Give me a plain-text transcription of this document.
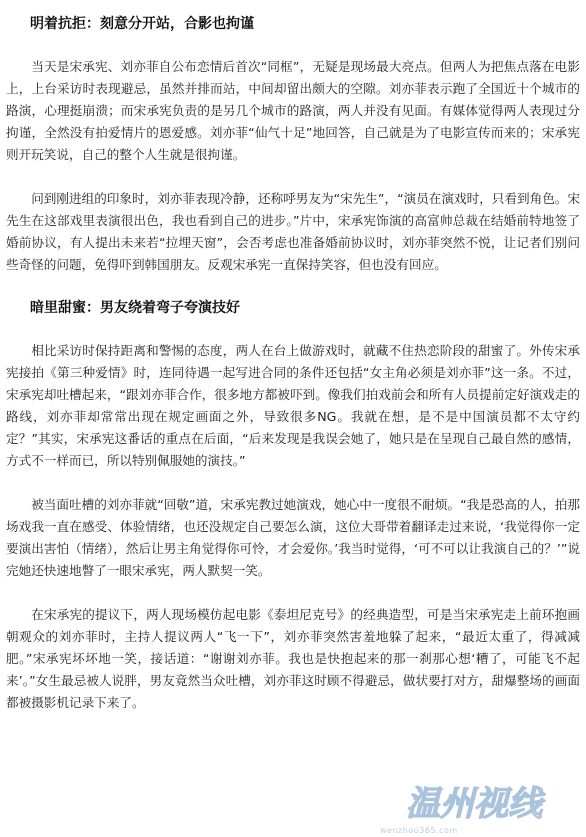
明着抗拒：刻意分开站，合影也拘谨

当天是宋承宪、刘亦菲自公布恋情后首次“同框”，无疑是现场最大亮点。但两人为把焦点落在电影上，上台采访时表现避忌，虽然并排而站，中间却留出颇大的空隙。刘亦菲表示跑了全国近十个城市的路演，心理挺崩溃；而宋承宪负责的是另几个城市的路演，两人并没有见面。有媒体觉得两人表现过分拘谨，全然没有拍爱情片的恩爱感。刘亦菲“仙气十足”地回答，自己就是为了电影宣传而来的；宋承宪则开玩笑说，自己的整个人生就是很拘谨。

问到刚进组的印象时，刘亦菲表现冷静，还称呼男友为“宋先生”，“演员在演戏时，只看到角色。宋先生在这部戏里表演很出色，我也看到自己的进步。”片中，宋承宪饰演的高富帅总裁在结婚前特地签了婚前协议，有人提出未来若“拉埋天窗”，会否考虑也准备婚前协议时，刘亦菲突然不悦，让记者们别问些奇怪的问题，免得吓到韩国朋友。反观宋承宪一直保持笑容，但也没有回应。

暗里甜蜜：男友绕着弯子夸演技好

相比采访时保持距离和警惕的态度，两人在台上做游戏时，就藏不住热恋阶段的甜蜜了。外传宋承宪接拍《第三种爱情》时，连同待遇一起写进合同的条件还包括“女主角必须是刘亦菲”这一条。不过，宋承宪却吐槽起来，“跟刘亦菲合作，很多地方都被吓到。像我们拍戏前会和所有人员提前定好演戏走的路线，刘亦菲却常常出现在规定画面之外，导致很多NG。我就在想，是不是中国演员都不太守约定？”其实，宋承宪这番话的重点在后面，“后来发现是我误会她了，她只是在呈现自己最自然的感情，方式不一样而已，所以特别佩服她的演技。”

被当面吐槽的刘亦菲就“回敬”道，宋承宪教过她演戏，她心中一度很不耐烦。“我是恐高的人，拍那场戏我一直在感受、体验情绪，也还没规定自己要怎么演，这位大哥带着翻译走过来说，‘我觉得你一定要演出害怕（情绪），然后让男主角觉得你可怜，才会爱你。’我当时觉得，‘可不可以让我演自己的？’”说完她还快速地瞥了一眼宋承宪，两人默契一笑。

在宋承宪的提议下，两人现场模仿起电影《泰坦尼克号》的经典造型，可是当宋承宪走上前环抱画朝观众的刘亦菲时，主持人提议两人“飞一下”，刘亦菲突然害羞地躲了起来，“最近太重了，得减减肥。”宋承宪坏坏地一笑，接话道：“谢谢刘亦菲。我也是快抱起来的那一刹那心想‘糟了，可能飞不起来’。”女生最忌被人说胖，男友竟然当众吐槽，刘亦菲这时顾不得避忌，做状要打对方，甜爆整场的画面都被摄影机记录下来了。

温州视线
wenzhou365.com
